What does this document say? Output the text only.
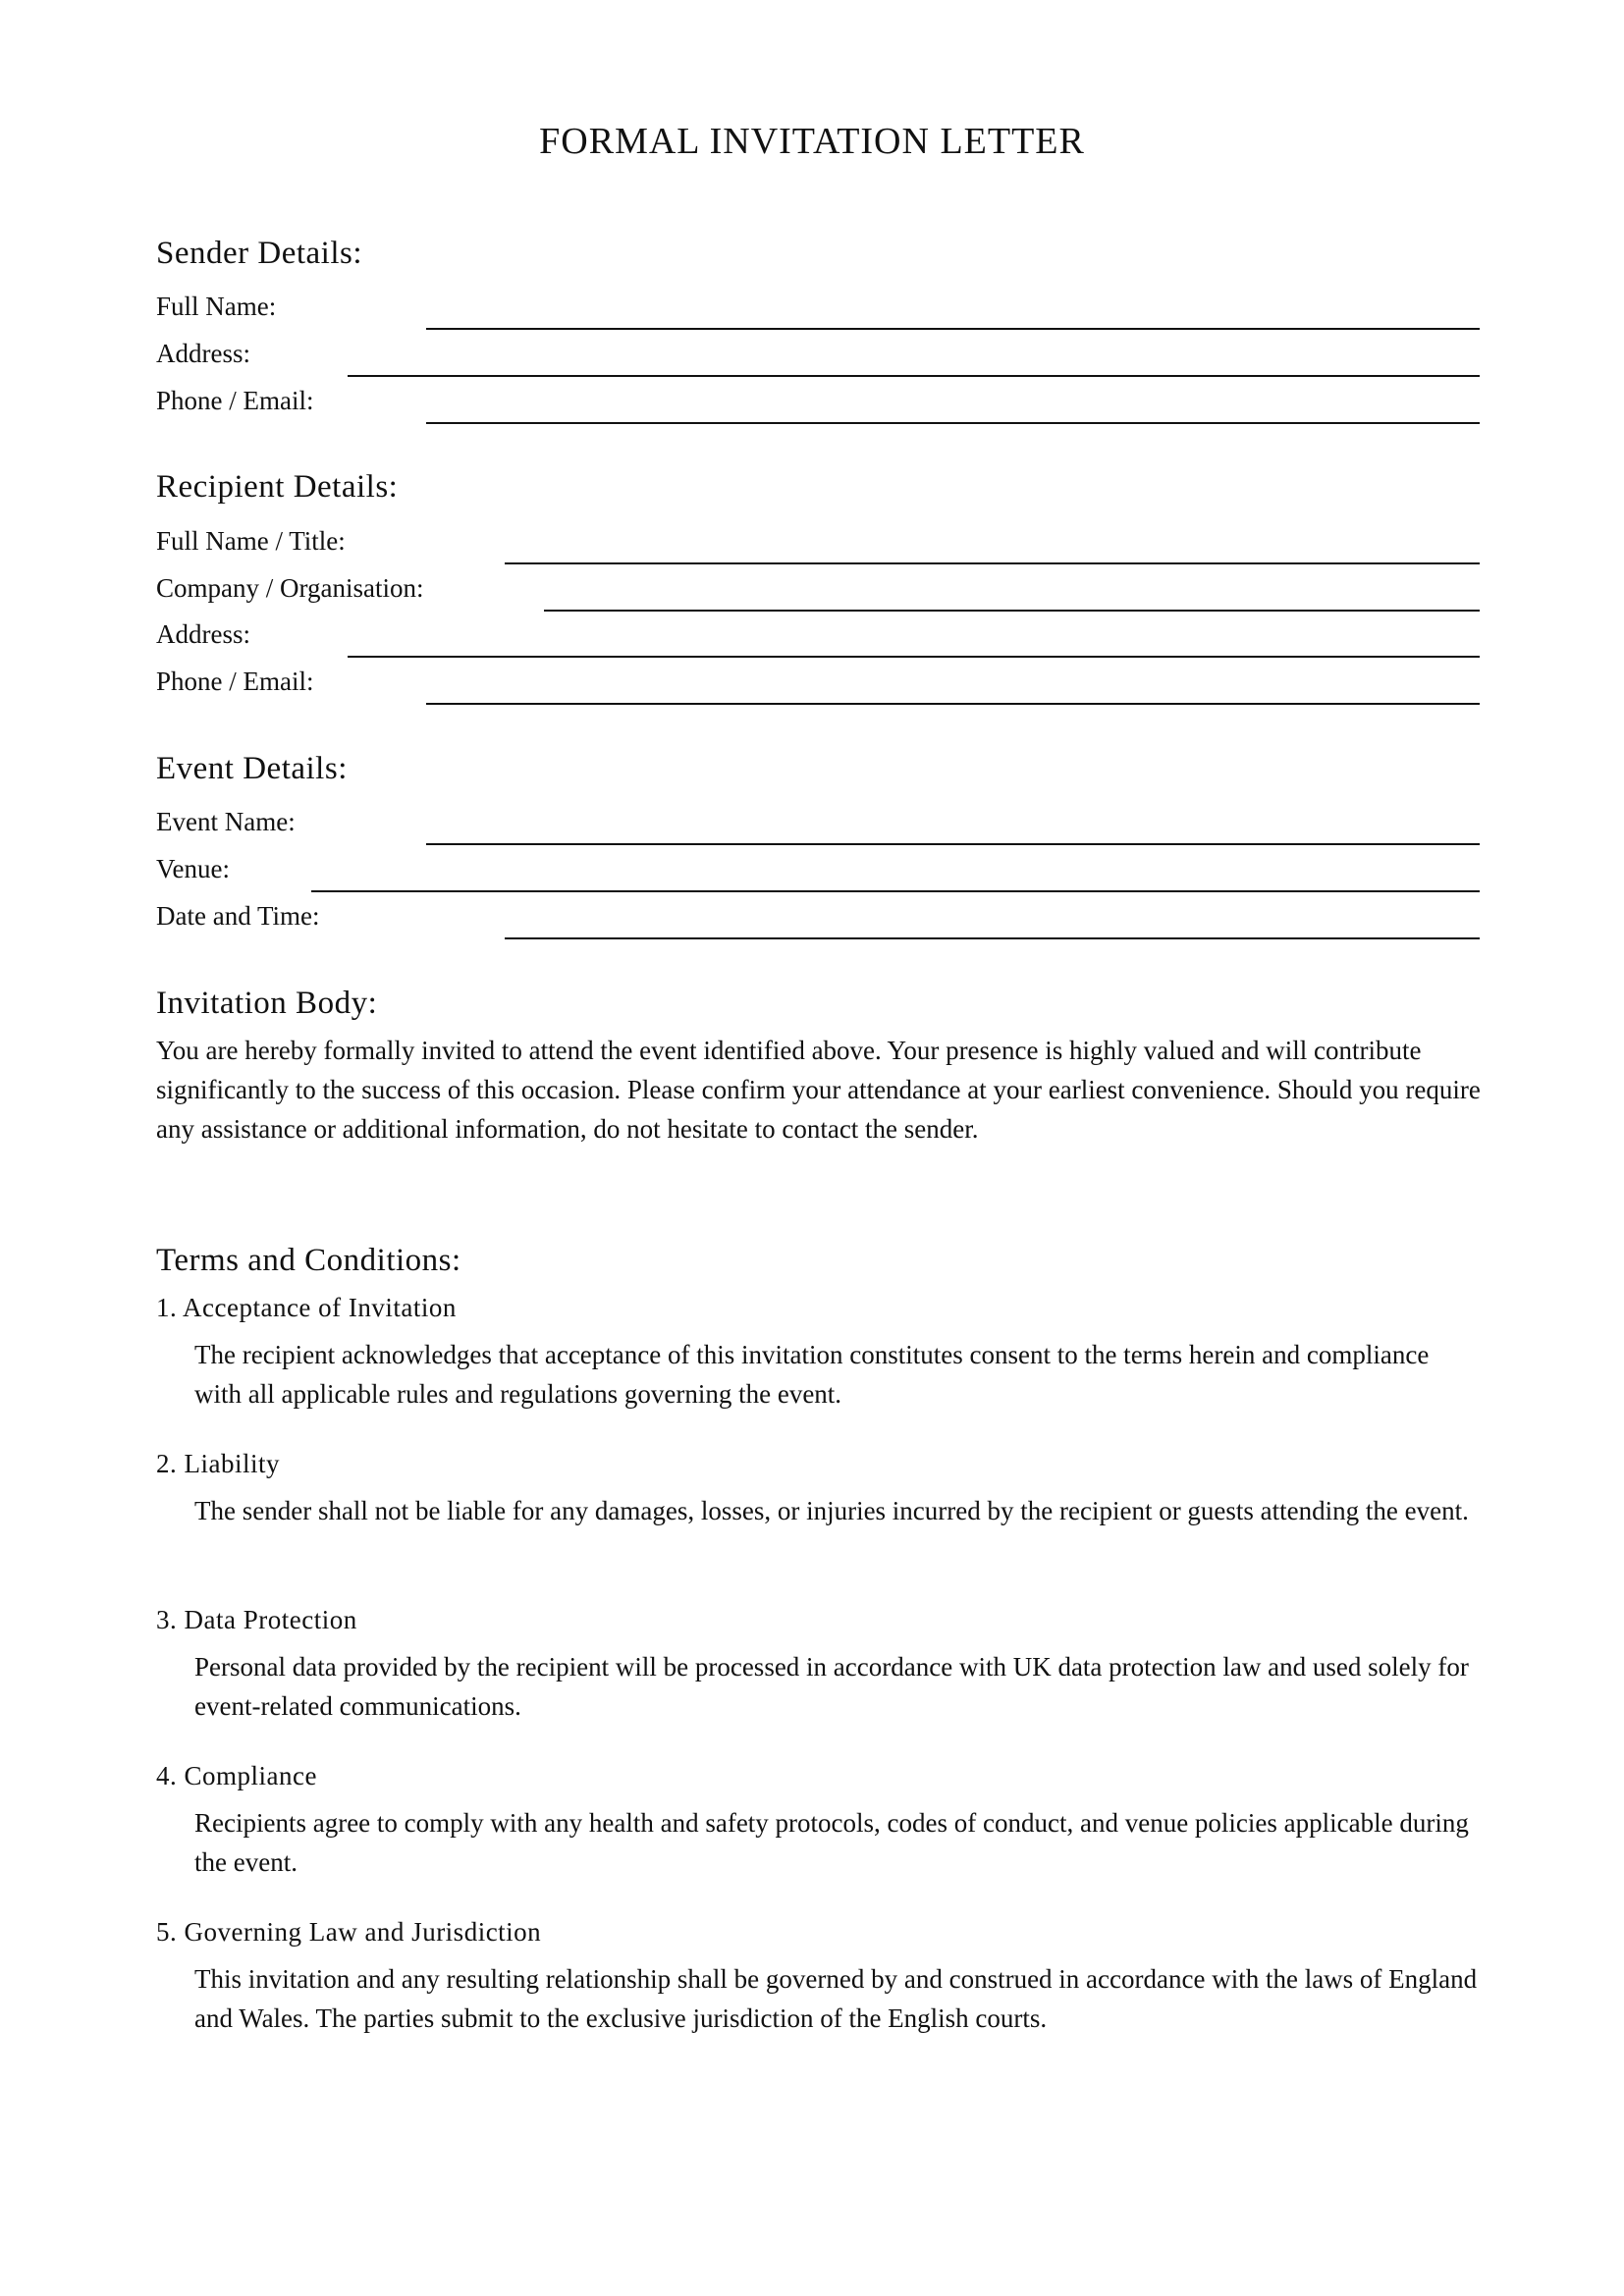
FORMAL INVITATION LETTER
Sender Details:
Full Name:
Address:
Phone / Email:
Recipient Details:
Full Name / Title:
Company / Organisation:
Address:
Phone / Email:
Event Details:
Event Name:
Venue:
Date and Time:
Invitation Body:

You are hereby formally invited to attend the event identified above. Your presence is highly valued and will contribute significantly to the success of this occasion. Please confirm your attendance at your earliest convenience. Should you require any assistance or additional information, do not hesitate to contact the sender.

Terms and Conditions:
1. Acceptance of Invitation

The recipient acknowledges that acceptance of this invitation constitutes consent to the terms herein and compliance with all applicable rules and regulations governing the event.

2. Liability

The sender shall not be liable for any damages, losses, or injuries incurred by the recipient or guests attending the event.

3. Data Protection

Personal data provided by the recipient will be processed in accordance with UK data protection law and used solely for event-related communications.

4. Compliance

Recipients agree to comply with any health and safety protocols, codes of conduct, and venue policies applicable during the event.

5. Governing Law and Jurisdiction

This invitation and any resulting relationship shall be governed by and construed in accordance with the laws of England and Wales. The parties submit to the exclusive jurisdiction of the English courts.
